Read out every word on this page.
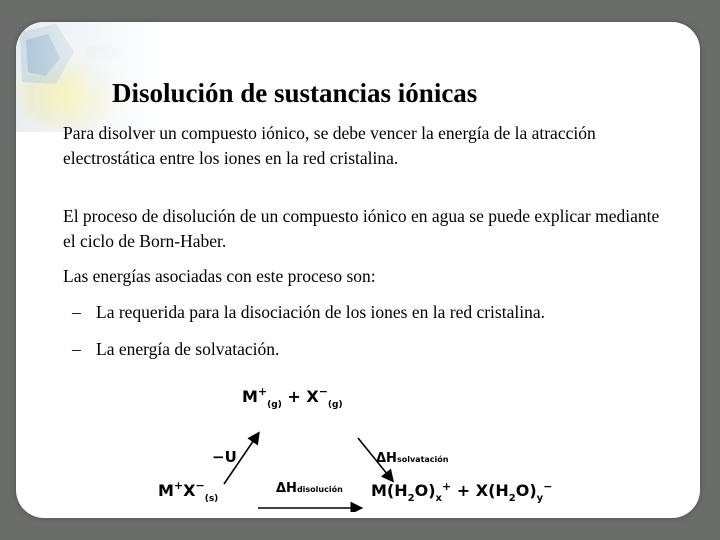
Disolución de sustancias iónicas
Para disolver un compuesto iónico, se debe vencer la energía de la atracción electrostática entre los iones en la red cristalina.
El proceso de disolución de un compuesto iónico en agua se puede explicar mediante el ciclo de Born-Haber.
Las energías asociadas con este proceso son:
– La requerida para la disociación de los iones en la red cristalina.
– La energía de solvatación.
$M^+_{(g)} + X^-_{(g)}$
$M^+X^-_{(s)}$	$M(H_2O)_x^+ + X(H_2O)_y^-$
−U	ΔHsolvatación
ΔHdisolución
